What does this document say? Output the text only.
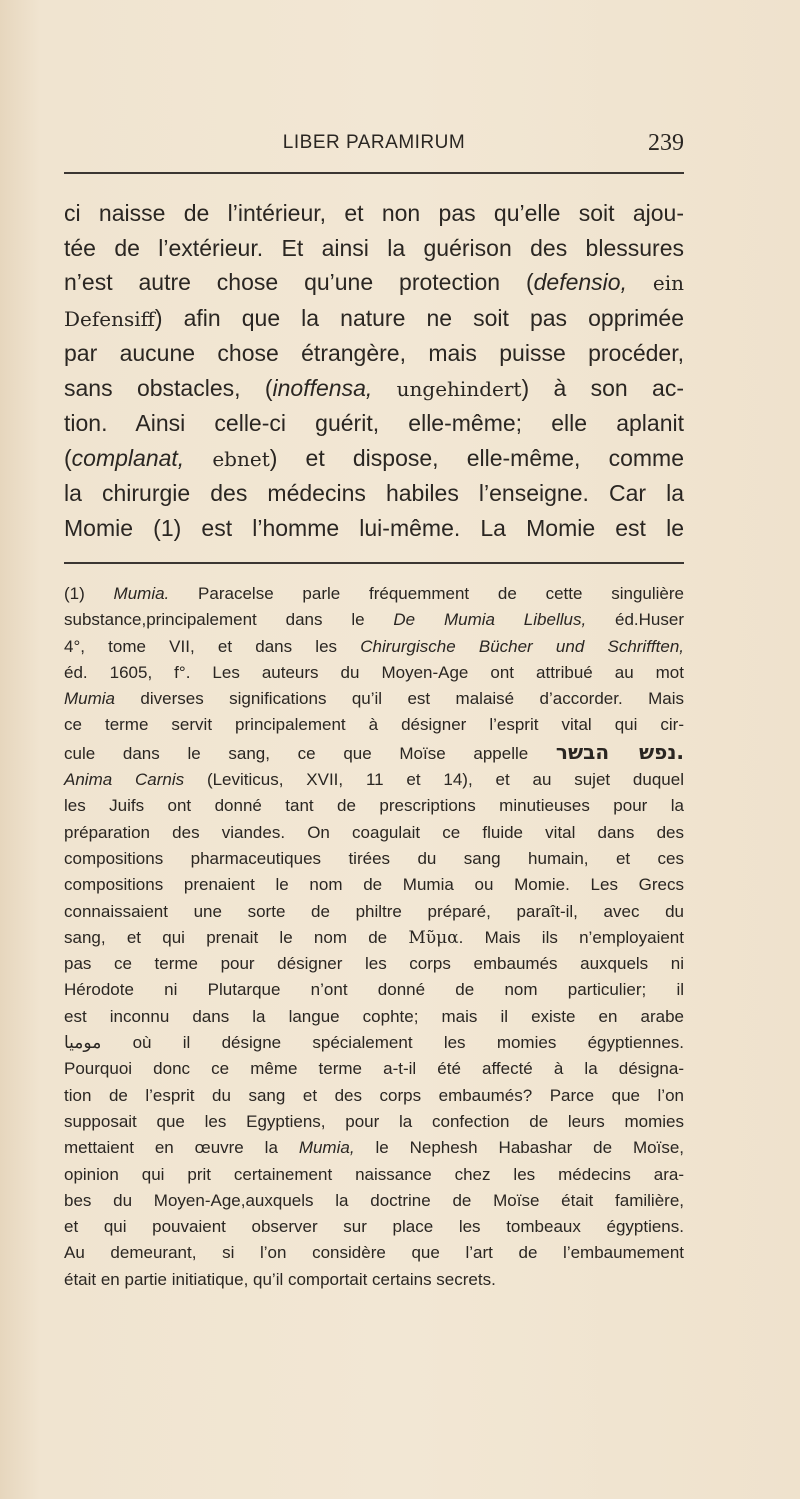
LIBER PARAMIRUM	239
ci naisse de l’intérieur, et non pas qu’elle soit ajou-
tée de l’extérieur. Et ainsi la guérison des blessures
n’est autre chose qu’une protection (defensio, ein
Defensiff) afin que la nature ne soit pas opprimée
par aucune chose étrangère, mais puisse procéder,
sans obstacles, (inoffensa, ungehindert) à son ac-
tion. Ainsi celle-ci guérit, elle-même; elle aplanit
(complanat, ebnet) et dispose, elle-même, comme
la chirurgie des médecins habiles l’enseigne. Car la
Momie (1) est l’homme lui-même. La Momie est le
(1) Mumia. Paracelse parle fréquemment de cette singulière
substance,principalement dans le De Mumia Libellus, éd.Huser
4°, tome VII, et dans les Chirurgische Bücher und Schrifften,
éd. 1605, f°. Les auteurs du Moyen-Age ont attribué au mot
Mumia diverses significations qu’il est malaisé d’accorder. Mais
ce terme servit principalement à désigner l’esprit vital qui cir-
cule dans le sang, ce que Moïse appelle נפש הבשר.
Anima Carnis (Leviticus, XVII, 11 et 14), et au sujet duquel
les Juifs ont donné tant de prescriptions minutieuses pour la
préparation des viandes. On coagulait ce fluide vital dans des
compositions pharmaceutiques tirées du sang humain, et ces
compositions prenaient le nom de Mumia ou Momie. Les Grecs
connaissaient une sorte de philtre préparé, paraît-il, avec du
sang, et qui prenait le nom de Μῦμα. Mais ils n’employaient
pas ce terme pour désigner les corps embaumés auxquels ni
Hérodote ni Plutarque n’ont donné de nom particulier; il
est inconnu dans la langue cophte; mais il existe en arabe
مومیا où il désigne spécialement les momies égyptiennes.
Pourquoi donc ce même terme a-t-il été affecté à la désigna-
tion de l’esprit du sang et des corps embaumés? Parce que l’on
supposait que les Egyptiens, pour la confection de leurs momies
mettaient en œuvre la Mumia, le Nephesh Habashar de Moïse,
opinion qui prit certainement naissance chez les médecins ara-
bes du Moyen-Age,auxquels la doctrine de Moïse était familière,
et qui pouvaient observer sur place les tombeaux égyptiens.
Au demeurant, si l’on considère que l’art de l’embaumement
était en partie initiatique, qu’il comportait certains secrets.
